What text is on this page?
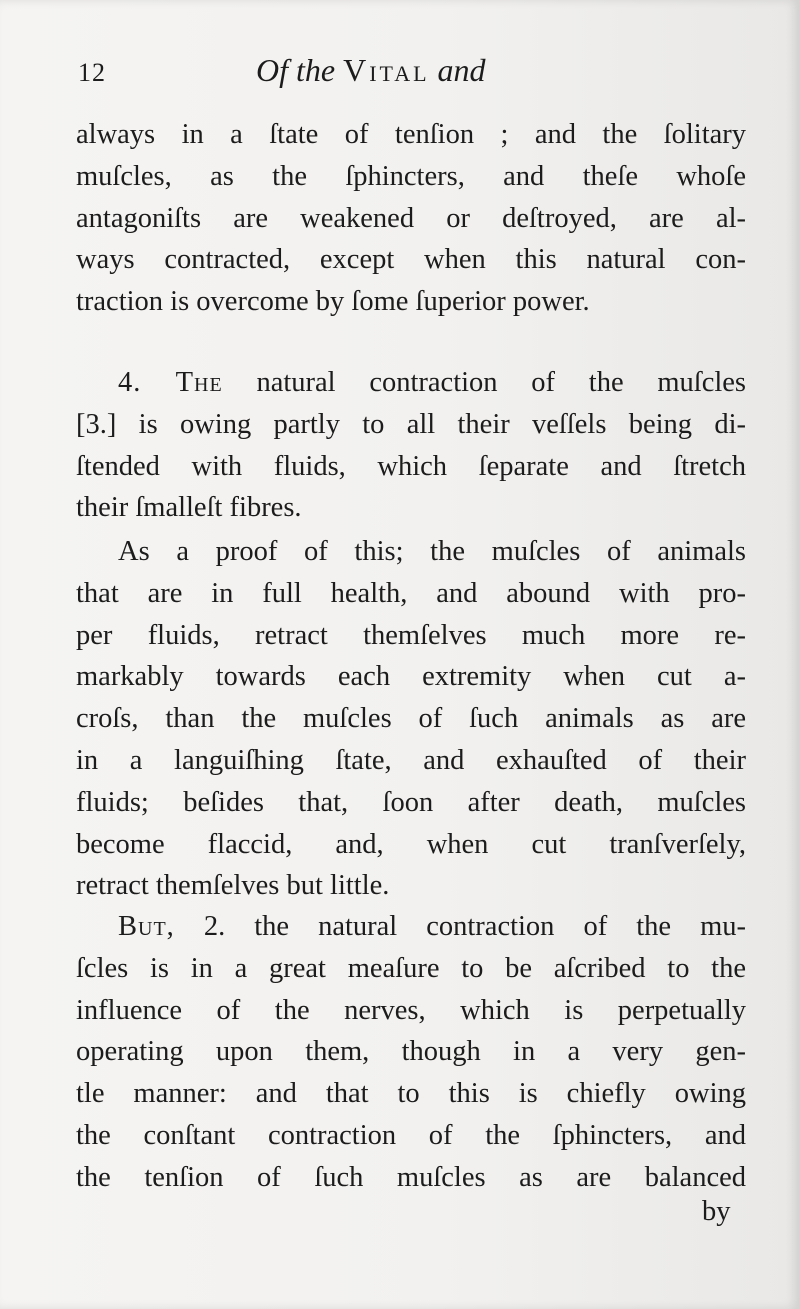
12	Of the Vital and
always in a ſtate of tenſion ; and the ſolitary
muſcles, as the ſphincters, and theſe whoſe
antagoniſts are weakened or deſtroyed, are al-
ways contracted, except when this natural con-
traction is overcome by ſome ſuperior power.
4. The natural contraction of the muſcles
[3.] is owing partly to all their veſſels being di-
ſtended with fluids, which ſeparate and ſtretch
their ſmalleſt fibres.
As a proof of this; the muſcles of animals
that are in full health, and abound with pro-
per fluids, retract themſelves much more re-
markably towards each extremity when cut a-
croſs, than the muſcles of ſuch animals as are
in a languiſhing ſtate, and exhauſted of their
fluids; beſides that, ſoon after death, muſcles
become flaccid, and, when cut tranſverſely,
retract themſelves but little.
But, 2. the natural contraction of the mu-
ſcles is in a great meaſure to be aſcribed to the
influence of the nerves, which is perpetually
operating upon them, though in a very gen-
tle manner: and that to this is chiefly owing
the conſtant contraction of the ſphincters, and
the tenſion of ſuch muſcles as are balanced
by
